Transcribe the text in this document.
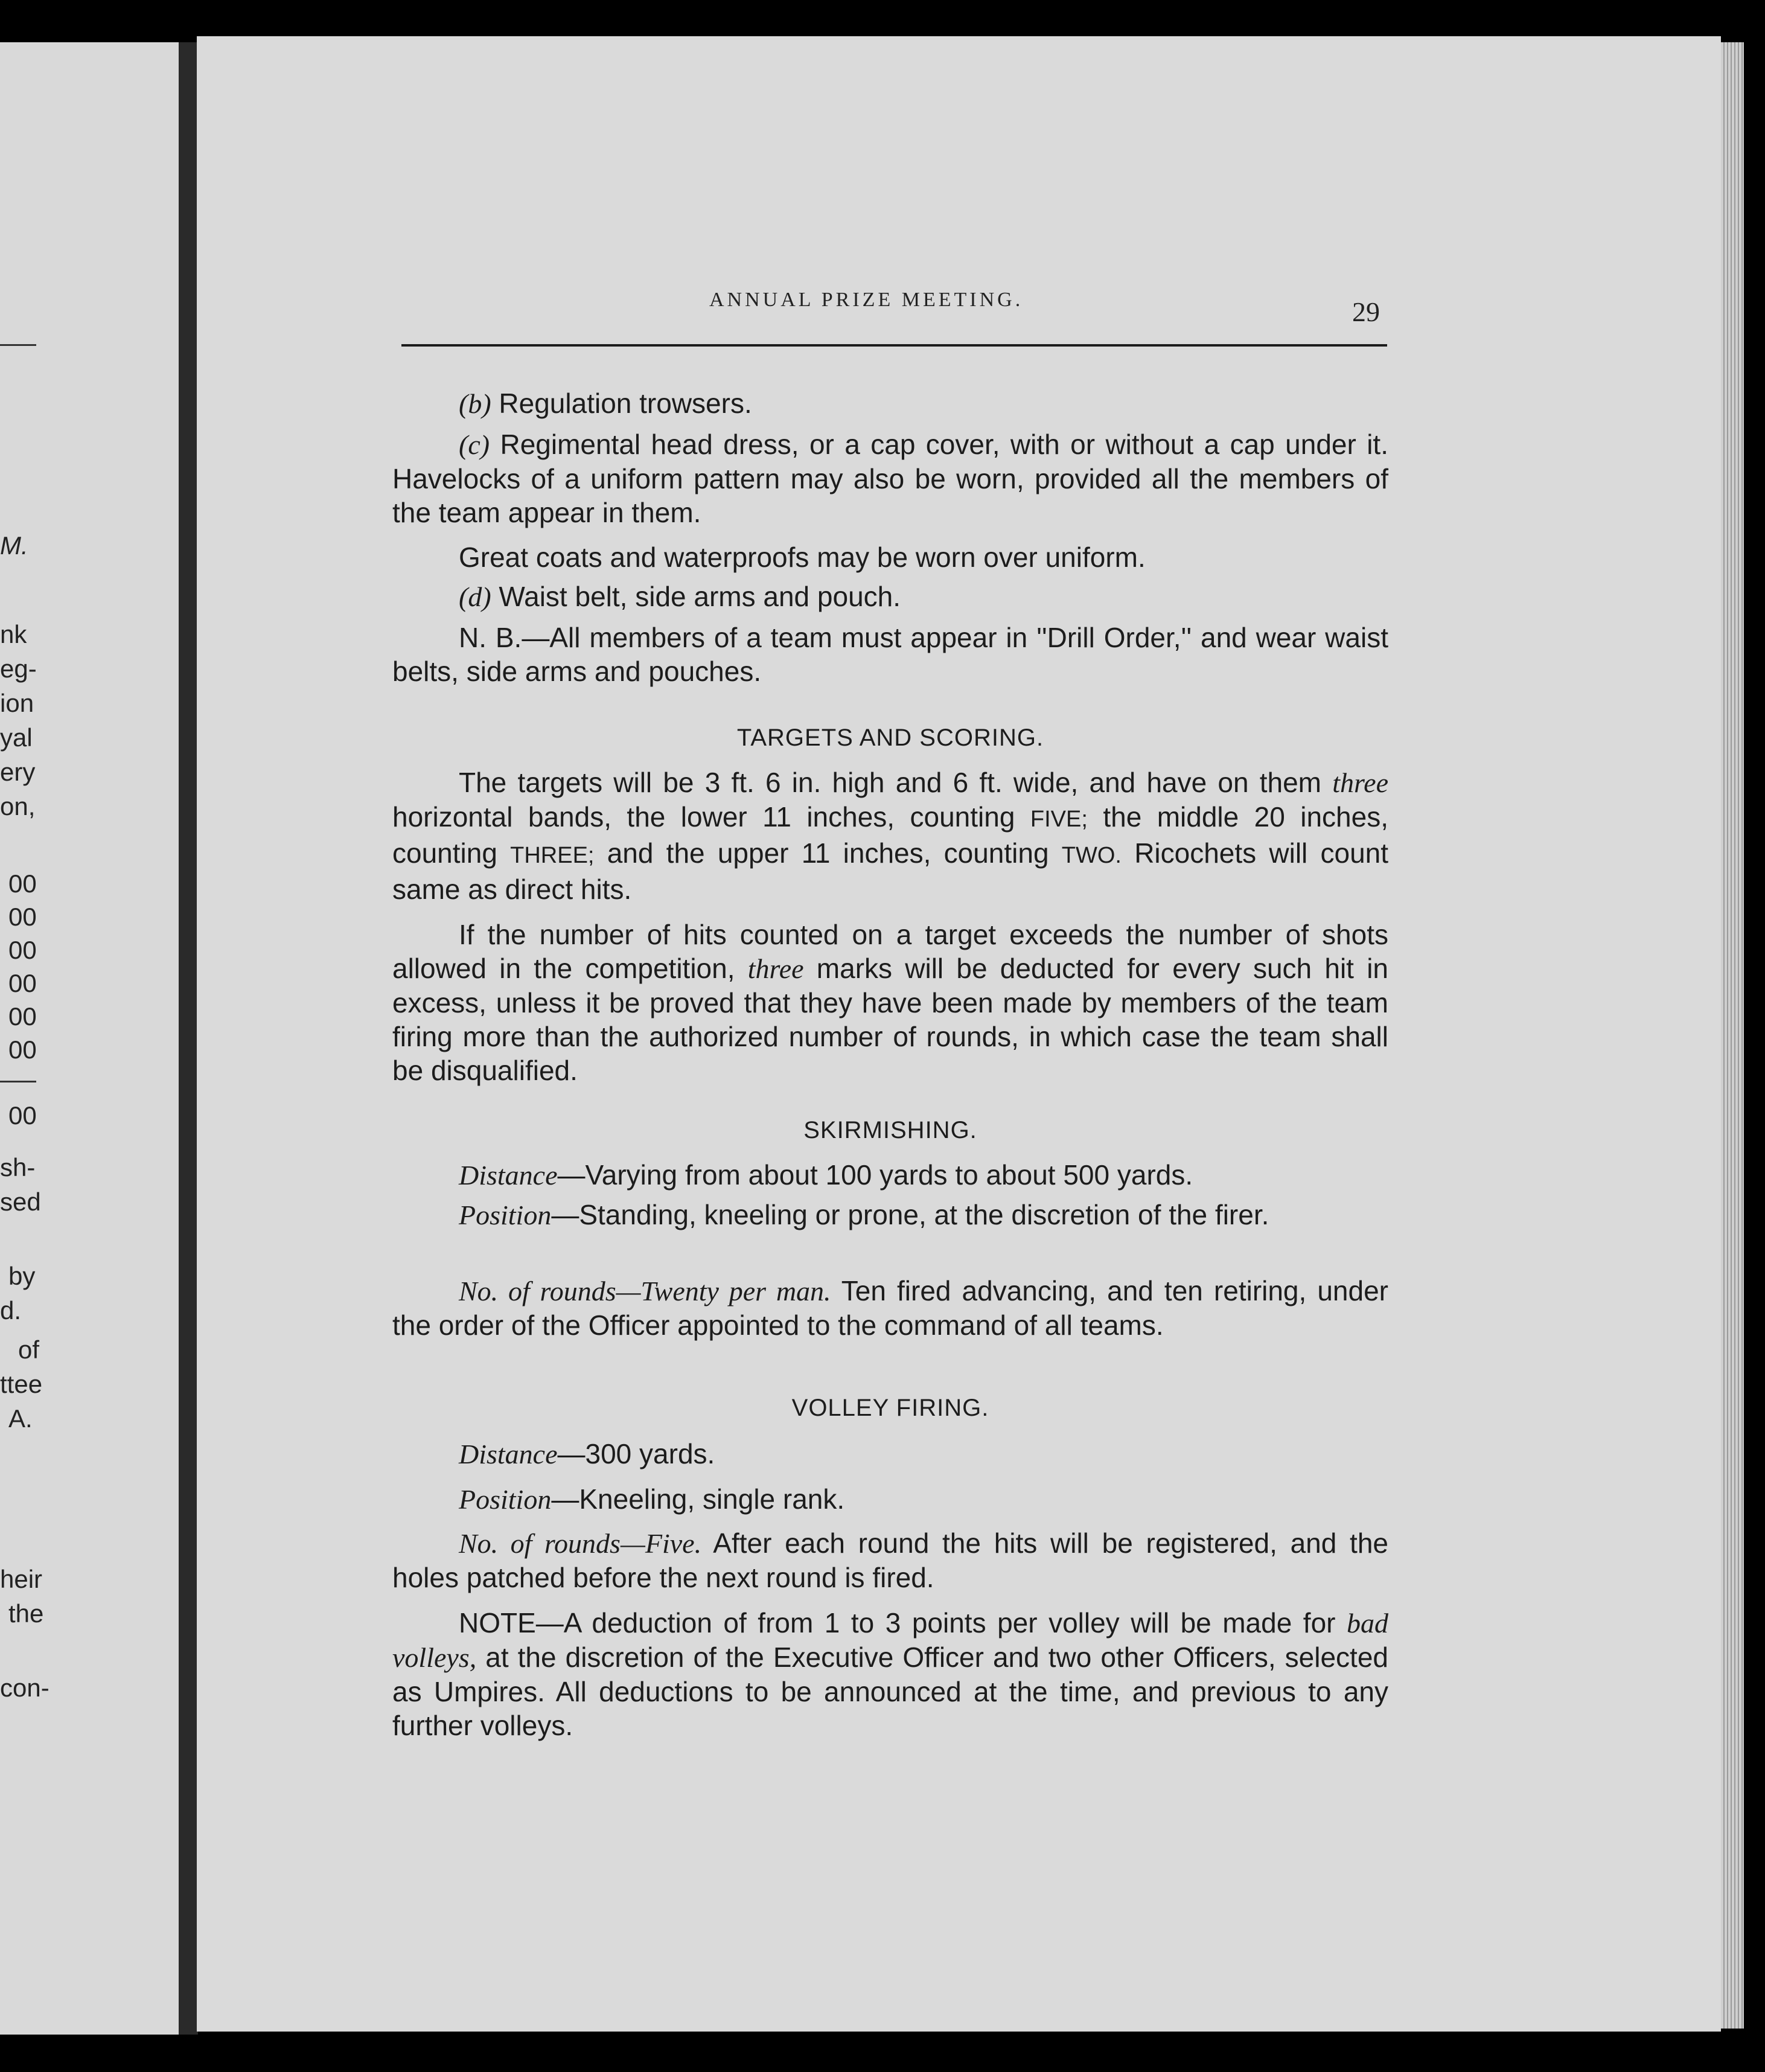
M.
nk
eg-
ion
yal
ery
on,
00
00
00
00
00
00
00
sh-
sed
by
d.
of
ttee
A.
heir
the
con-
ANNUAL PRIZE MEETING.	29

(b) Regulation trowsers.

(c) Regimental head dress, or a cap cover, with or without a cap under it. Havelocks of a uniform pattern may also be worn, provided all the members of the team appear in them.

Great coats and waterproofs may be worn over uniform.

(d) Waist belt, side arms and pouch.

N. B.—All members of a team must appear in ''Drill Order,'' and wear waist belts, side arms and pouches.

TARGETS AND SCORING.

The targets will be 3 ft. 6 in. high and 6 ft. wide, and have on them three horizontal bands, the lower 11 inches, counting FIVE; the middle 20 inches, counting THREE; and the upper 11 inches, counting TWO. Ricochets will count same as direct hits.

If the number of hits counted on a target exceeds the number of shots allowed in the competition, three marks will be deducted for every such hit in excess, unless it be proved that they have been made by members of the team firing more than the authorized number of rounds, in which case the team shall be disqualified.

SKIRMISHING.

Distance—Varying from about 100 yards to about 500 yards.

Position—Standing, kneeling or prone, at the discretion of the firer.

No. of rounds—Twenty per man. Ten fired advancing, and ten retiring, under the order of the Officer appointed to the command of all teams.

VOLLEY FIRING.

Distance—300 yards.

Position—Kneeling, single rank.

No. of rounds—Five. After each round the hits will be registered, and the holes patched before the next round is fired.

NOTE—A deduction of from 1 to 3 points per volley will be made for bad volleys, at the discretion of the Executive Officer and two other Officers, selected as Umpires. All deductions to be announced at the time, and previous to any further volleys.
